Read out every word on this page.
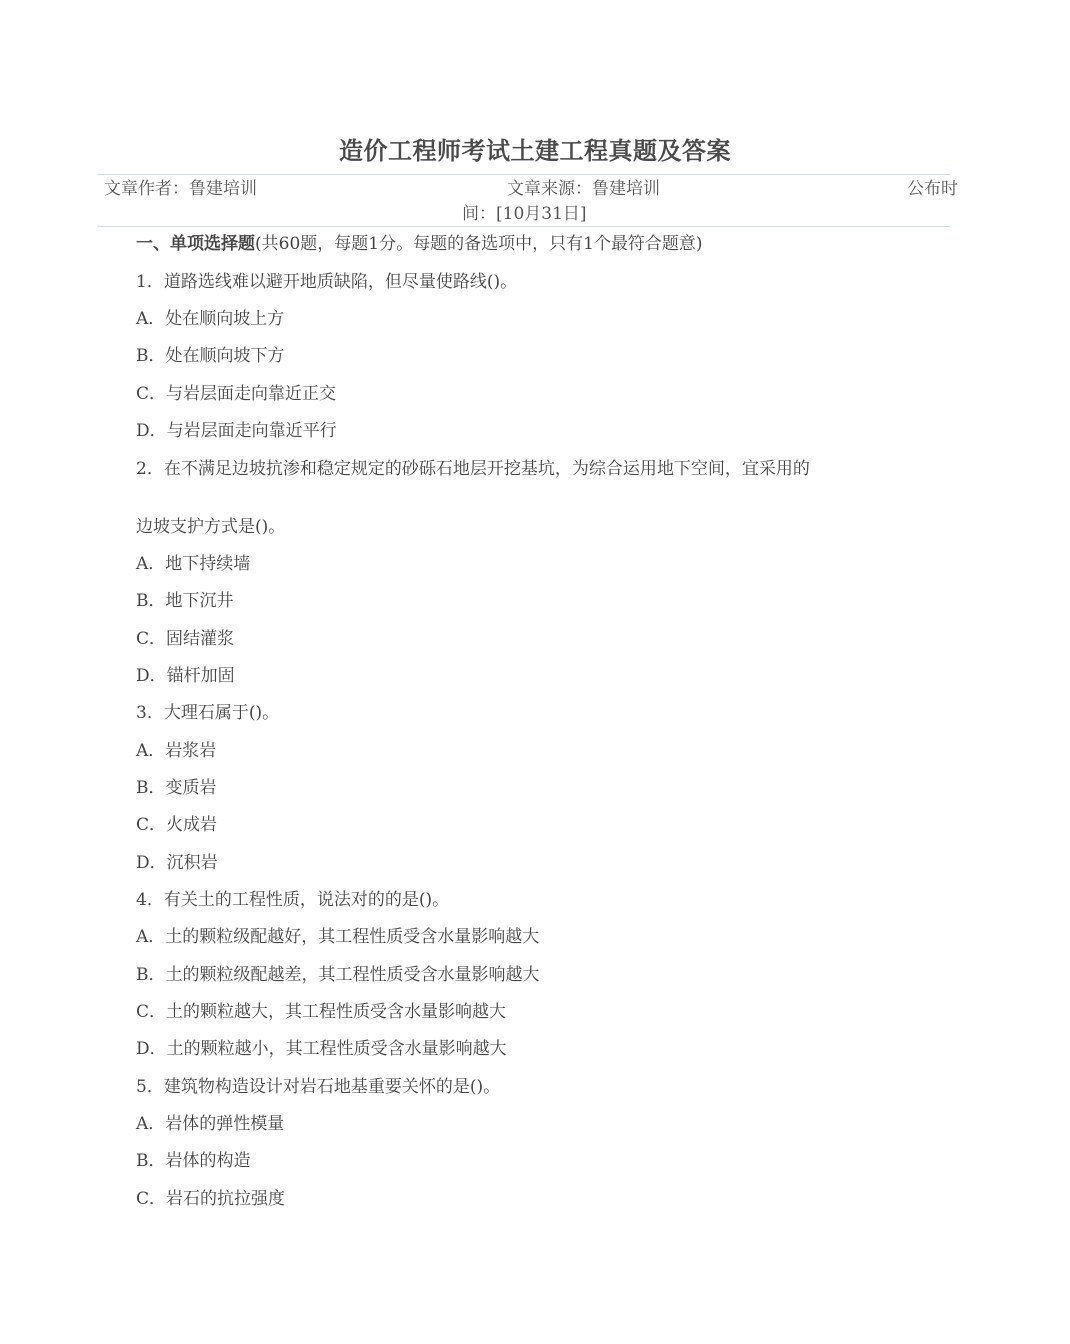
造价工程师考试土建工程真题及答案
文章作者：鲁建培训	文章来源：鲁建培训	公布时
间：[10月31日]
一、单项选择题(共60题，每题1分。每题的备选项中，只有1个最符合题意)
1．道路选线难以避开地质缺陷，但尽量使路线()。
A．处在顺向坡上方
B．处在顺向坡下方
C．与岩层面走向靠近正交
D．与岩层面走向靠近平行
2．在不满足边坡抗渗和稳定规定的砂砾石地层开挖基坑，为综合运用地下空间，宜采用的
边坡支护方式是()。
A．地下持续墙
B．地下沉井
C．固结灌浆
D．锚杆加固
3．大理石属于()。
A．岩浆岩
B．变质岩
C．火成岩
D．沉积岩
4．有关土的工程性质，说法对的的是()。
A．土的颗粒级配越好，其工程性质受含水量影响越大
B．土的颗粒级配越差，其工程性质受含水量影响越大
C．土的颗粒越大，其工程性质受含水量影响越大
D．土的颗粒越小，其工程性质受含水量影响越大
5．建筑物构造设计对岩石地基重要关怀的是()。
A．岩体的弹性模量
B．岩体的构造
C．岩石的抗拉强度
